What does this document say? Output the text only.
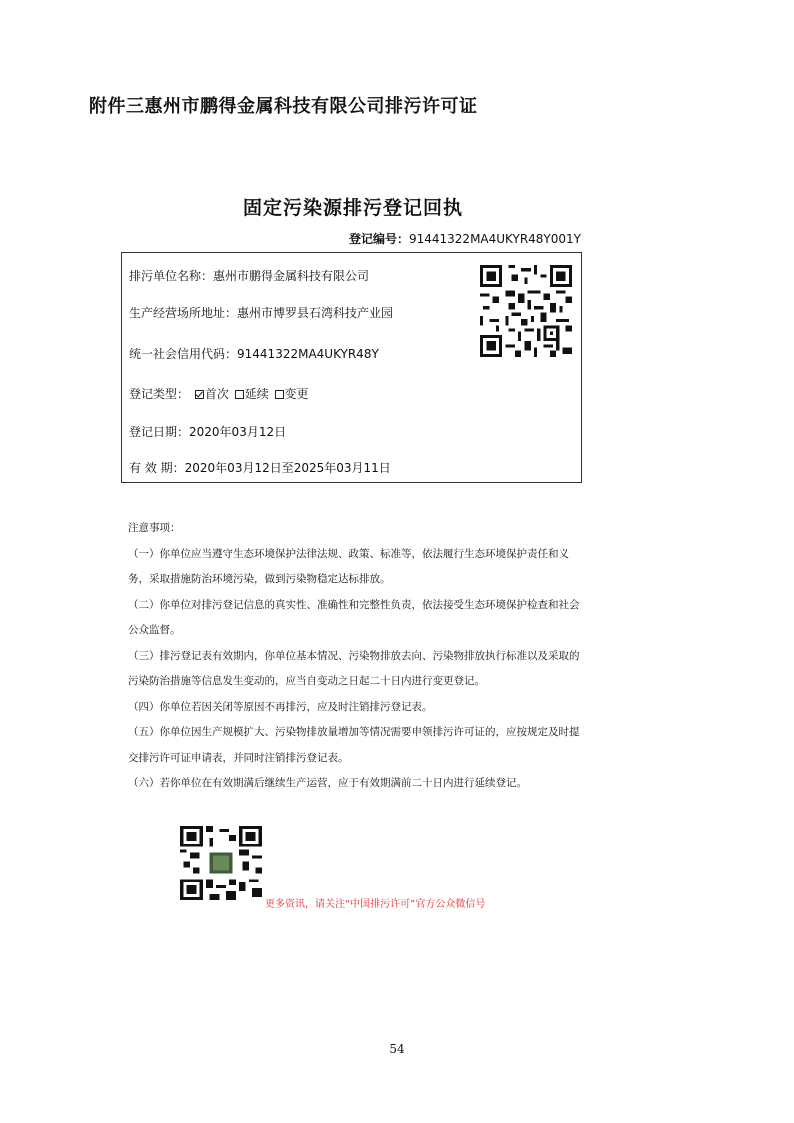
附件三惠州市鹏得金属科技有限公司排污许可证
固定污染源排污登记回执
登记编号：91441322MA4UKYR48Y001Y
排污单位名称：惠州市鹏得金属科技有限公司
生产经营场所地址：惠州市博罗县石湾科技产业园
统一社会信用代码：91441322MA4UKYR48Y
登记类型： 首次 延续 变更
登记日期：2020年03月12日
有 效 期：2020年03月12日至2025年03月11日

注意事项：

（一）你单位应当遵守生态环境保护法律法规、政策、标准等，依法履行生态环境保护责任和义务，采取措施防治环境污染，做到污染物稳定达标排放。

（二）你单位对排污登记信息的真实性、准确性和完整性负责，依法接受生态环境保护检查和社会公众监督。

（三）排污登记表有效期内，你单位基本情况、污染物排放去向、污染物排放执行标准以及采取的污染防治措施等信息发生变动的，应当自变动之日起二十日内进行变更登记。

（四）你单位若因关闭等原因不再排污，应及时注销排污登记表。

（五）你单位因生产规模扩大、污染物排放量增加等情况需要申领排污许可证的，应按规定及时提交排污许可证申请表，并同时注销排污登记表。

（六）若你单位在有效期满后继续生产运营，应于有效期满前二十日内进行延续登记。

更多资讯，请关注“中国排污许可”官方公众微信号
54
